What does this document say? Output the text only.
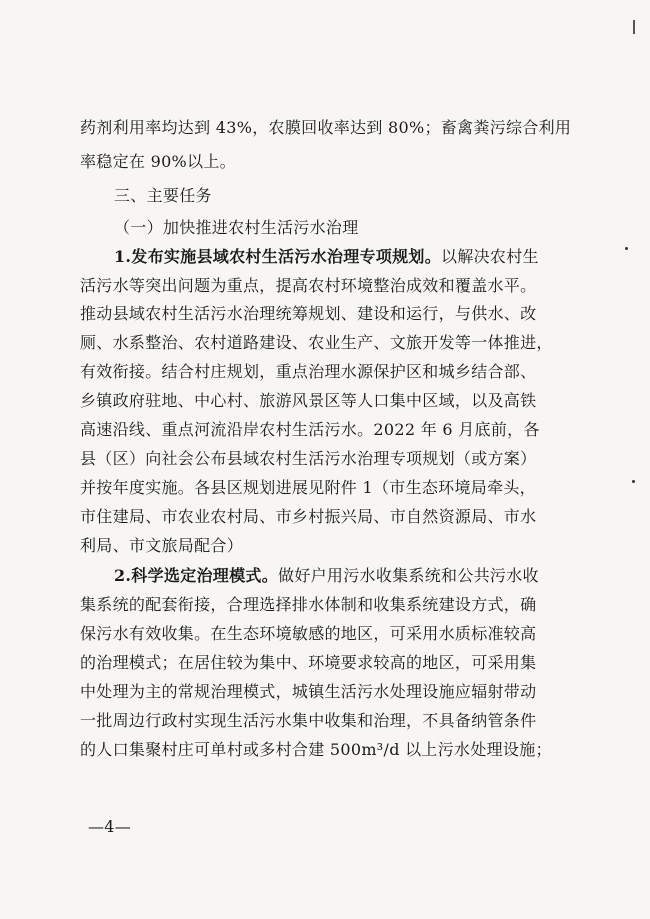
药剂利用率均达到 43%，农膜回收率达到 80%；畜禽粪污综合利用
率稳定在 90%以上。
三、主要任务
（一）加快推进农村生活污水治理
1.发布实施县域农村生活污水治理专项规划。以解决农村生
活污水等突出问题为重点，提高农村环境整治成效和覆盖水平。
推动县域农村生活污水治理统筹规划、建设和运行，与供水、改
厕、水系整治、农村道路建设、农业生产、文旅开发等一体推进，
有效衔接。结合村庄规划，重点治理水源保护区和城乡结合部、
乡镇政府驻地、中心村、旅游风景区等人口集中区域，以及高铁
高速沿线、重点河流沿岸农村生活污水。2022 年 6 月底前，各
县（区）向社会公布县域农村生活污水治理专项规划（或方案）
并按年度实施。各县区规划进展见附件 1（市生态环境局牵头，
市住建局、市农业农村局、市乡村振兴局、市自然资源局、市水
利局、市文旅局配合）
2.科学选定治理模式。做好户用污水收集系统和公共污水收
集系统的配套衔接，合理选择排水体制和收集系统建设方式，确
保污水有效收集。在生态环境敏感的地区，可采用水质标准较高
的治理模式；在居住较为集中、环境要求较高的地区，可采用集
中处理为主的常规治理模式，城镇生活污水处理设施应辐射带动
一批周边行政村实现生活污水集中收集和治理，不具备纳管条件
的人口集聚村庄可单村或多村合建 500m³/d 以上污水处理设施；
—4—
